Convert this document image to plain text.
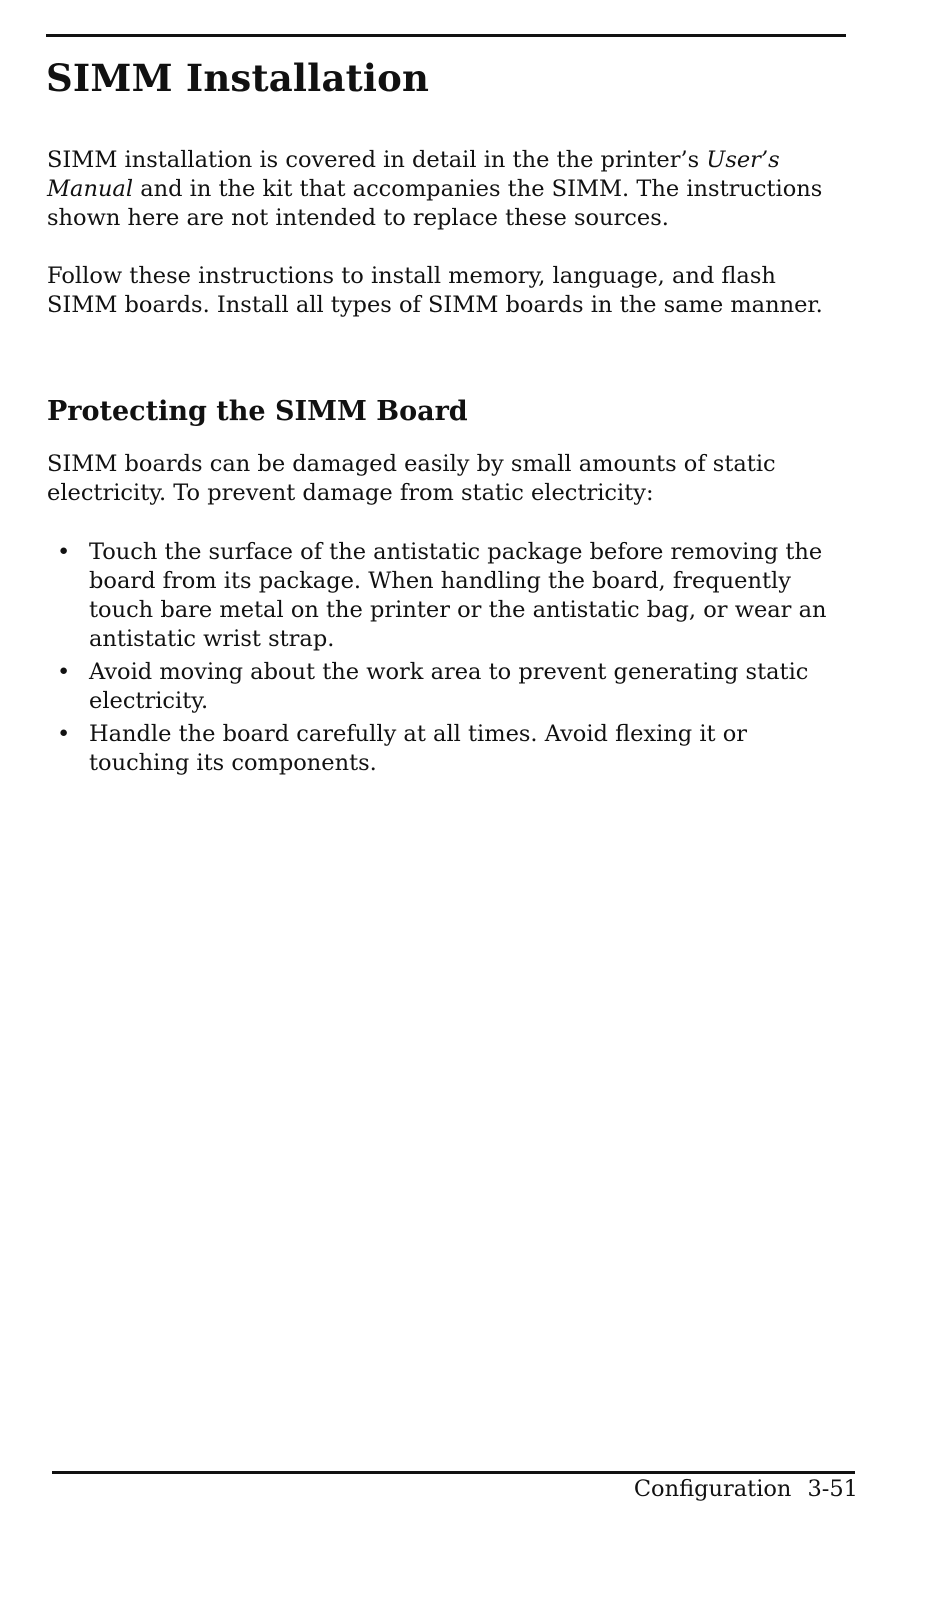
SIMM Installation

SIMM installation is covered in detail in the the printer’s User’s Manual and in the kit that accompanies the SIMM. The instructions shown here are not intended to replace these sources.

Follow these instructions to install memory, language, and flash SIMM boards. Install all types of SIMM boards in the same manner.

Protecting the SIMM Board

SIMM boards can be damaged easily by small amounts of static electricity. To prevent damage from static electricity:

• Touch the surface of the antistatic package before removing the board from its package. When handling the board, frequently touch bare metal on the printer or the antistatic bag, or wear an antistatic wrist strap.
• Avoid moving about the work area to prevent generating static electricity.
• Handle the board carefully at all times. Avoid flexing it or touching its components.
Configuration 3-51
